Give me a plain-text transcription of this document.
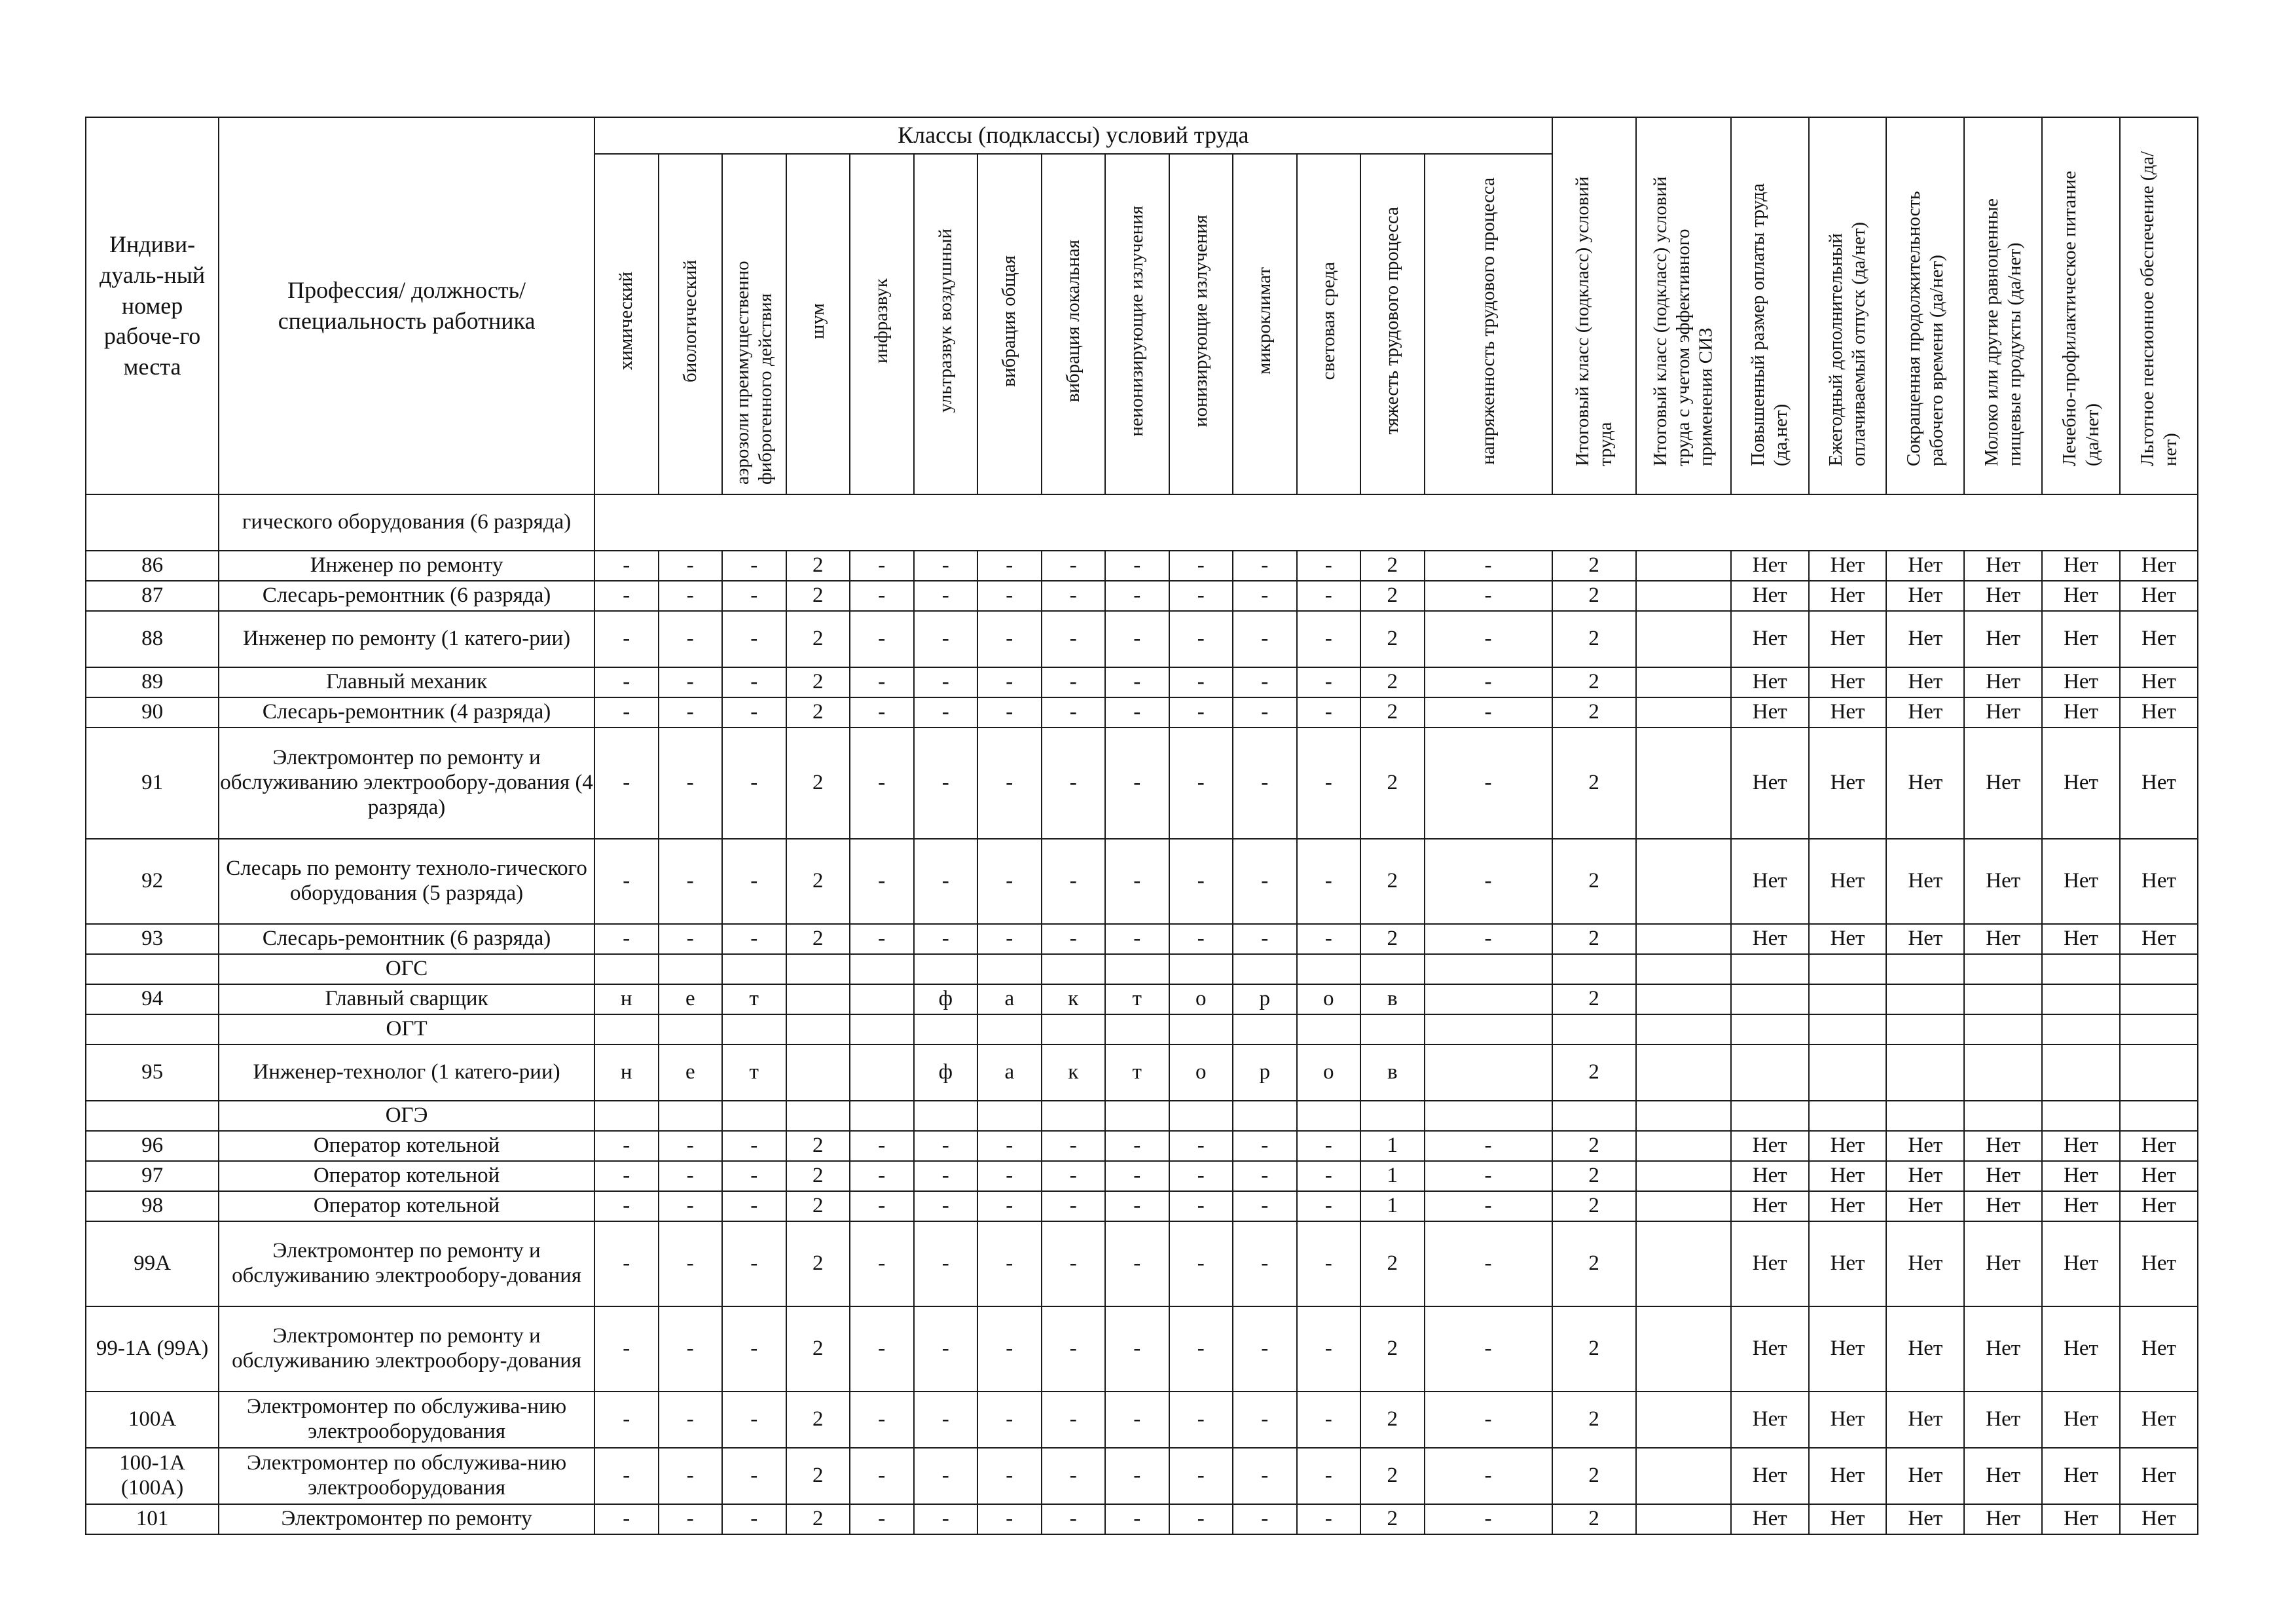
Индиви-дуаль-ный номер рабоче-го места	Профессия/ должность/ специальность работника	Классы (подклассы) условий труда														Итоговый класс (подкласс) условий труда	Итоговый класс (подкласс) условий труда с учетом эффективного применения СИЗ	Повышенный размер оплаты труда (да,нет)	Ежегодный дополнительный оплачиваемый отпуск (да/нет)	Сокращенная продолжительность рабочего времени (да/нет)	Молоко или другие равноценные пищевые продукты (да/нет)	Лечебно-профилактическое питание (да/нет)	Льготное пенсионное обеспечение (да/нет)
		химический	биологический	аэрозоли преимущественно фиброгенного действия	шум	инфразвук	ультразвук воздушный	вибрация общая	вибрация локальная	неионизирующие излучения	ионизирующие излучения	микроклимат	световая среда	тяжесть трудового процесса	напряженность трудового процесса								
	гического оборудования (6 разряда)																						
86	Инженер по ремонту	-	-	-	2	-	-	-	-	-	-	-	-	2	-	2		Нет	Нет	Нет	Нет	Нет	Нет
87	Слесарь-ремонтник (6 разряда)	-	-	-	2	-	-	-	-	-	-	-	-	2	-	2		Нет	Нет	Нет	Нет	Нет	Нет
88	Инженер по ремонту (1 катего-рии)	-	-	-	2	-	-	-	-	-	-	-	-	2	-	2		Нет	Нет	Нет	Нет	Нет	Нет
89	Главный механик	-	-	-	2	-	-	-	-	-	-	-	-	2	-	2		Нет	Нет	Нет	Нет	Нет	Нет
90	Слесарь-ремонтник (4 разряда)	-	-	-	2	-	-	-	-	-	-	-	-	2	-	2		Нет	Нет	Нет	Нет	Нет	Нет
91	Электромонтер по ремонту и обслуживанию электрообору-дования (4 разряда)	-	-	-	2	-	-	-	-	-	-	-	-	2	-	2		Нет	Нет	Нет	Нет	Нет	Нет
92	Слесарь по ремонту техноло-гического оборудования (5 разряда)	-	-	-	2	-	-	-	-	-	-	-	-	2	-	2		Нет	Нет	Нет	Нет	Нет	Нет
93	Слесарь-ремонтник (6 разряда)	-	-	-	2	-	-	-	-	-	-	-	-	2	-	2		Нет	Нет	Нет	Нет	Нет	Нет
	ОГС																						
94	Главный сварщик	н	е	т			ф	а	к	т	о	р	о	в		2							
	ОГТ																						
95	Инженер-технолог (1 катего-рии)	н	е	т			ф	а	к	т	о	р	о	в		2							
	ОГЭ																						
96	Оператор котельной	-	-	-	2	-	-	-	-	-	-	-	-	1	-	2		Нет	Нет	Нет	Нет	Нет	Нет
97	Оператор котельной	-	-	-	2	-	-	-	-	-	-	-	-	1	-	2		Нет	Нет	Нет	Нет	Нет	Нет
98	Оператор котельной	-	-	-	2	-	-	-	-	-	-	-	-	1	-	2		Нет	Нет	Нет	Нет	Нет	Нет
99А	Электромонтер по ремонту и обслуживанию электрообору-дования	-	-	-	2	-	-	-	-	-	-	-	-	2	-	2		Нет	Нет	Нет	Нет	Нет	Нет
99-1А (99А)	Электромонтер по ремонту и обслуживанию электрообору-дования	-	-	-	2	-	-	-	-	-	-	-	-	2	-	2		Нет	Нет	Нет	Нет	Нет	Нет
100А	Электромонтер по обслужива-нию электрооборудования	-	-	-	2	-	-	-	-	-	-	-	-	2	-	2		Нет	Нет	Нет	Нет	Нет	Нет
100-1А (100А)	Электромонтер по обслужива-нию электрооборудования	-	-	-	2	-	-	-	-	-	-	-	-	2	-	2		Нет	Нет	Нет	Нет	Нет	Нет
101	Электромонтер по ремонту	-	-	-	2	-	-	-	-	-	-	-	-	2	-	2		Нет	Нет	Нет	Нет	Нет	Нет
